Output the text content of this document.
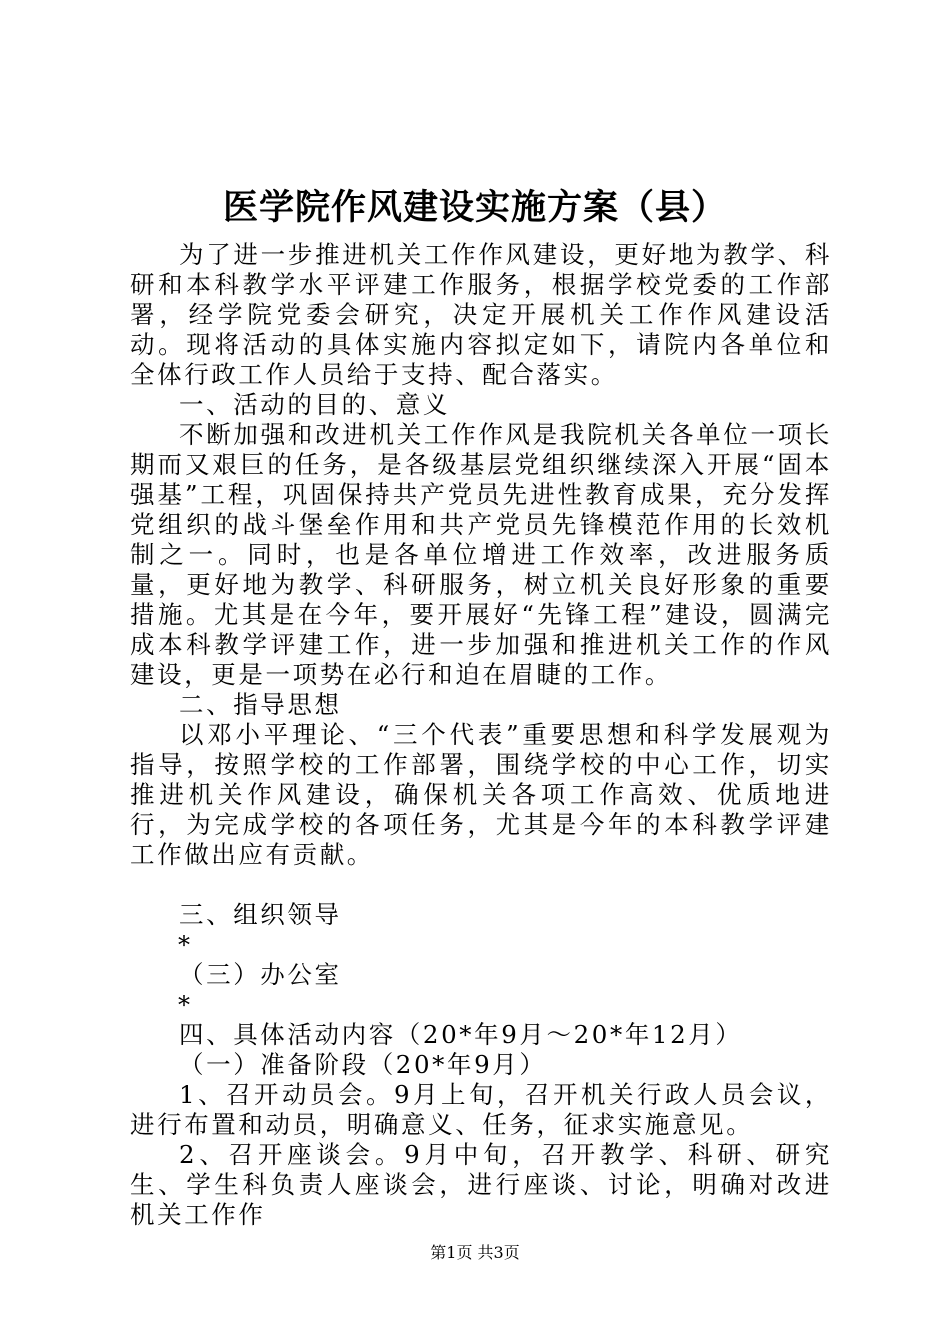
医学院作风建设实施方案（县）

为了进一步推进机关工作作风建设，更好地为教学、科研和本科教学水平评建工作服务，根据学校党委的工作部署，经学院党委会研究，决定开展机关工作作风建设活动。现将活动的具体实施内容拟定如下，请院内各单位和全体行政工作人员给于支持、配合落实。

一、活动的目的、意义

不断加强和改进机关工作作风是我院机关各单位一项长期而又艰巨的任务，是各级基层党组织继续深入开展“固本强基”工程，巩固保持共产党员先进性教育成果，充分发挥党组织的战斗堡垒作用和共产党员先锋模范作用的长效机制之一。同时，也是各单位增进工作效率，改进服务质量，更好地为教学、科研服务，树立机关良好形象的重要措施。尤其是在今年，要开展好“先锋工程”建设，圆满完成本科教学评建工作，进一步加强和推进机关工作的作风建设，更是一项势在必行和迫在眉睫的工作。

二、指导思想

以邓小平理论、“三个代表”重要思想和科学发展观为指导，按照学校的工作部署，围绕学校的中心工作，切实推进机关作风建设，确保机关各项工作高效、优质地进行，为完成学校的各项任务，尤其是今年的本科教学评建工作做出应有贡献。

三、组织领导

*

（三）办公室

*

四、具体活动内容（20*年9月～20*年12月）

（一）准备阶段（20*年9月）

1、召开动员会。9月上旬，召开机关行政人员会议，进行布置和动员，明确意义、任务，征求实施意见。

2、召开座谈会。9月中旬，召开教学、科研、研究生、学生科负责人座谈会，进行座谈、讨论，明确对改进机关工作作

第1页 共3页
